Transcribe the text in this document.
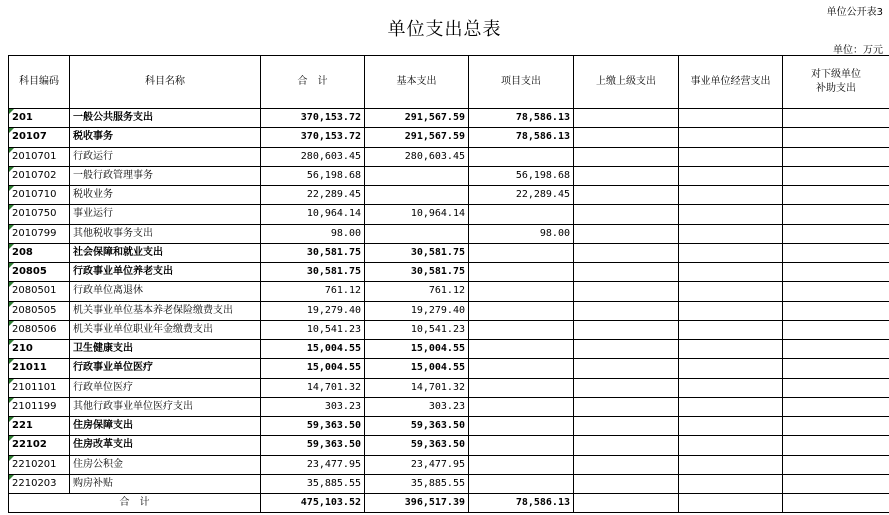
单位公开表3
单位支出总表
单位：万元
科目编码	科目名称	合　计	基本支出	项目支出	上缴上级支出	事业单位经营支出	对下级单位
补助支出
201	一般公共服务支出	370,153.72	291,567.59	78,586.13			
20107	税收事务	370,153.72	291,567.59	78,586.13			
2010701	行政运行	280,603.45	280,603.45				
2010702	一般行政管理事务	56,198.68		56,198.68			
2010710	税收业务	22,289.45		22,289.45			
2010750	事业运行	10,964.14	10,964.14				
2010799	其他税收事务支出	98.00		98.00			
208	社会保障和就业支出	30,581.75	30,581.75				
20805	行政事业单位养老支出	30,581.75	30,581.75				
2080501	行政单位离退休	761.12	761.12				
2080505	机关事业单位基本养老保险缴费支出	19,279.40	19,279.40				
2080506	机关事业单位职业年金缴费支出	10,541.23	10,541.23				
210	卫生健康支出	15,004.55	15,004.55				
21011	行政事业单位医疗	15,004.55	15,004.55				
2101101	行政单位医疗	14,701.32	14,701.32				
2101199	其他行政事业单位医疗支出	303.23	303.23				
221	住房保障支出	59,363.50	59,363.50				
22102	住房改革支出	59,363.50	59,363.50				
2210201	住房公积金	23,477.95	23,477.95				
2210203	购房补贴	35,885.55	35,885.55				
合　计		475,103.52	396,517.39	78,586.13			
